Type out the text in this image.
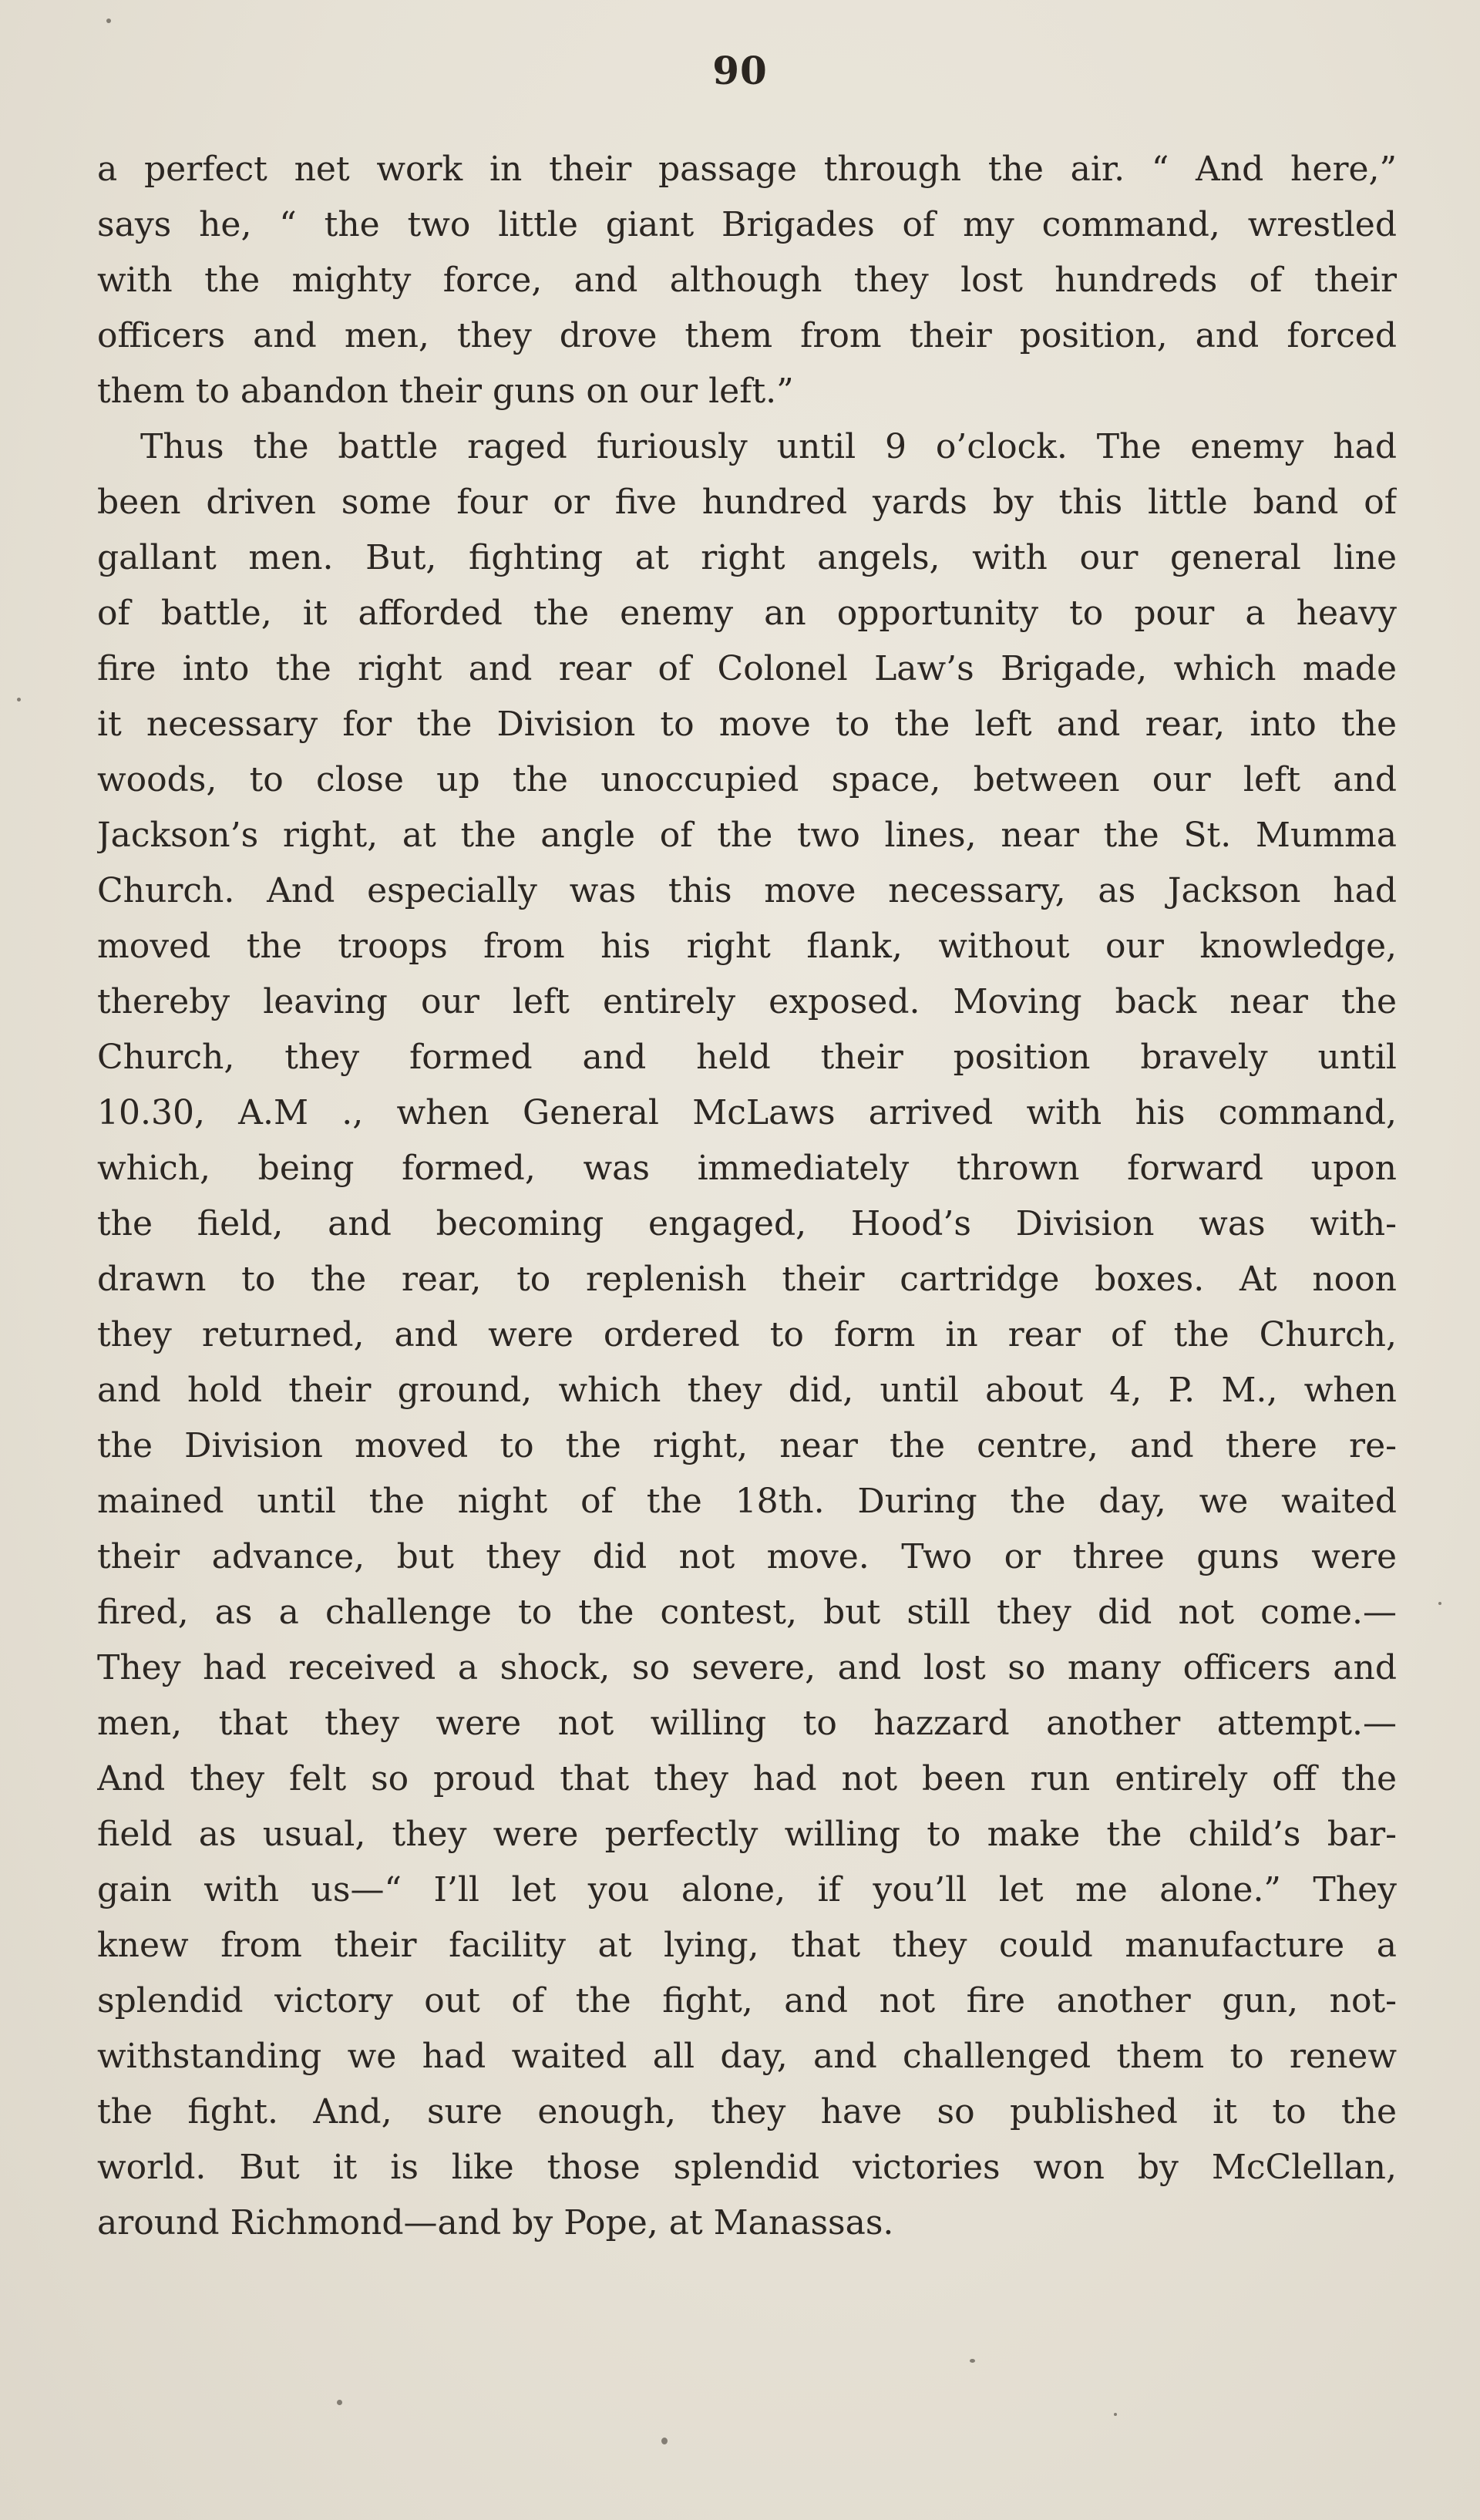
90
a perfect net work in their passage through the air. “ And here,”
says he, “ the two little giant Brigades of my command, wrestled
with the mighty force, and although they lost hundreds of their
officers and men, they drove them from their position, and forced
them to abandon their guns on our left.”
Thus the battle raged furiously until 9 o’clock. The enemy had
been driven some four or five hundred yards by this little band of
gallant men. But, fighting at right angels, with our general line
of battle, it afforded the enemy an opportunity to pour a heavy
fire into the right and rear of Colonel Law’s Brigade, which made
it necessary for the Division to move to the left and rear, into the
woods, to close up the unoccupied space, between our left and
Jackson’s right, at the angle of the two lines, near the St. Mumma
Church. And especially was this move necessary, as Jackson had
moved the troops from his right flank, without our knowledge,
thereby leaving our left entirely exposed. Moving back near the
Church, they formed and held their position bravely until
10.30, A.M ., when General McLaws arrived with his command,
which, being formed, was immediately thrown forward upon
the field, and becoming engaged, Hood’s Division was with-
drawn to the rear, to replenish their cartridge boxes. At noon
they returned, and were ordered to form in rear of the Church,
and hold their ground, which they did, until about 4, P. M., when
the Division moved to the right, near the centre, and there re-
mained until the night of the 18th. During the day, we waited
their advance, but they did not move. Two or three guns were
fired, as a challenge to the contest, but still they did not come.—
They had received a shock, so severe, and lost so many officers and
men, that they were not willing to hazzard another attempt.—
And they felt so proud that they had not been run entirely off the
field as usual, they were perfectly willing to make the child’s bar-
gain with us—“ I’ll let you alone, if you’ll let me alone.” They
knew from their facility at lying, that they could manufacture a
splendid victory out of the fight, and not fire another gun, not-
withstanding we had waited all day, and challenged them to renew
the fight. And, sure enough, they have so published it to the
world. But it is like those splendid victories won by McClellan,
around Richmond—and by Pope, at Manassas.
